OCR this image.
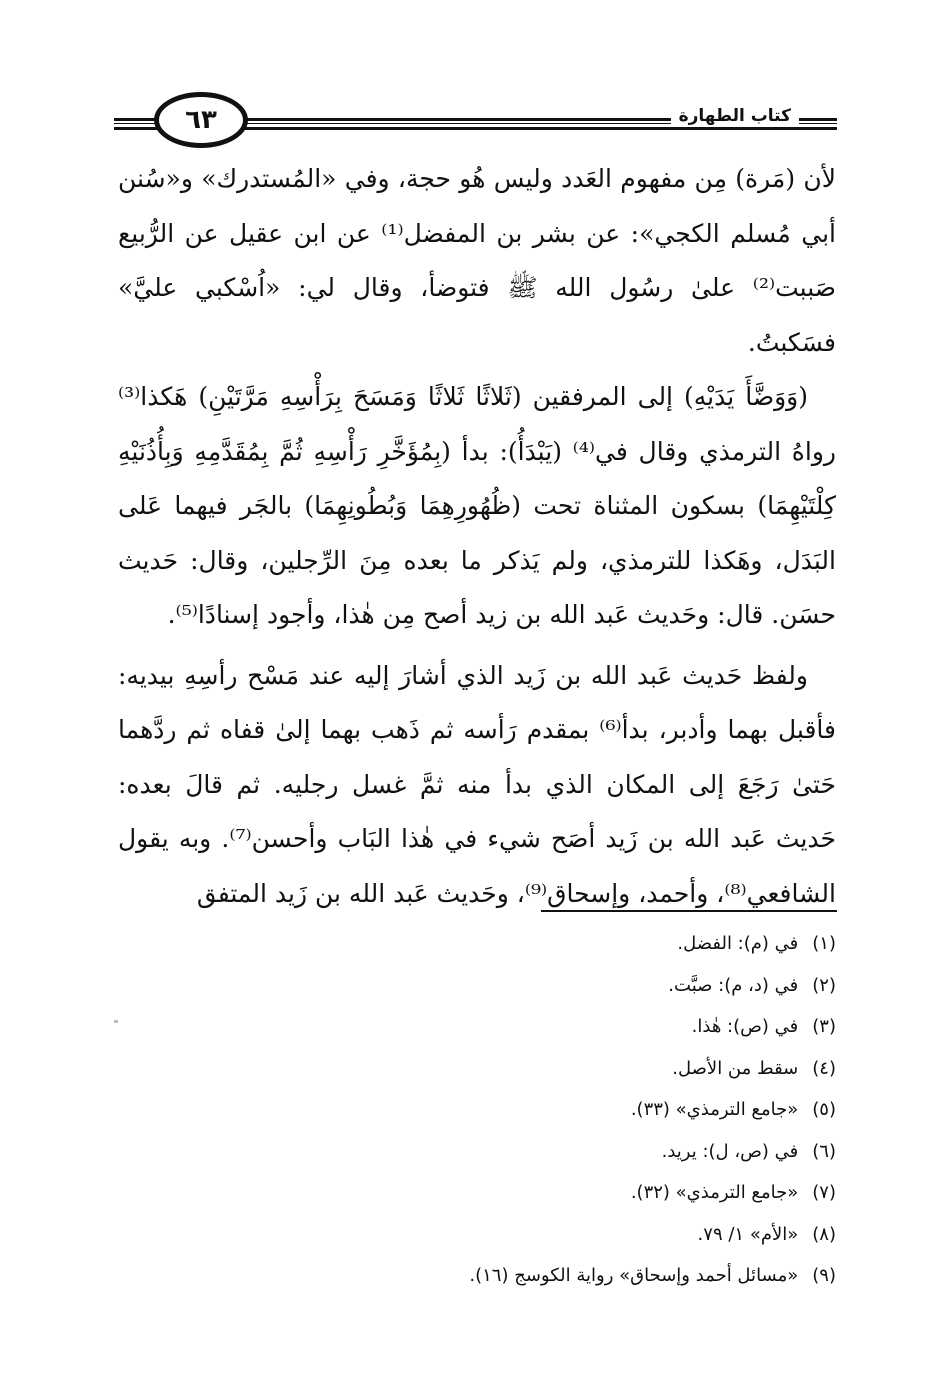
٦٣	كتاب الطهارة

لأن (مَرة) مِن مفهوم العَدد وليس هُو حجة، وفي «المُستدرك» و«سُنن أبي مُسلم الكجي»: عن بشر بن المفضل⁽¹⁾ عن ابن عقيل عن الرُّبيع صَببت⁽²⁾ علىٰ رسُول الله ﷺ فتوضأ، وقال لي: «اُسْكبي عليَّ» فسَكبتُ.

(وَوَضَّأَ يَدَيْهِ) إلى المرفقين (ثَلاثًا ثَلاثًا وَمَسَحَ بِرَأْسِهِ مَرَّتَيْنِ) هَكذا⁽³⁾ رواهُ الترمذي وقال في⁽⁴⁾ (يَبْدَأُ): بدأ (بِمُؤَخَّرِ رَأْسِهِ ثُمَّ بِمُقَدَّمِهِ وَبِأُذُنَيْهِ كِلْتَيْهِمَا) بسكون المثناة تحت (ظُهُورِهِمَا وَبُطُونِهِمَا) بالجَر فيهما عَلى البَدَل، وهَكذا للترمذي، ولم يَذكر ما بعده مِنَ الرِّجلين، وقال: حَديث حسَن. قال: وحَديث عَبد الله بن زيد أصح مِن هٰذا، وأجود إسنادًا⁽⁵⁾.

ولفظ حَديث عَبد الله بن زَيد الذي أشارَ إليه عند مَسْح رأسِهِ بيديه: فأقبل بهما وأدبر، بدأ⁽⁶⁾ بمقدم رَأسه ثم ذَهب بهما إلىٰ قفاه ثم ردَّهما حَتىٰ رَجَعَ إلى المكان الذي بدأ منه ثمَّ غسل رجليه. ثم قالَ بعده: حَديث عَبد الله بن زَيد أصَح شيء في هٰذا البَاب وأحسن⁽⁷⁾. وبه يقول الشافعي⁽⁸⁾، وأحمد، وإسحاق⁽⁹⁾، وحَديث عَبد الله بن زَيد المتفق

(١)في (م): الفضل.
(٢)في (د، م): صبَّت.
(٣)في (ص): هٰذا.
(٤)سقط من الأصل.
(٥)«جامع الترمذي» (٣٣).
(٦)في (ص، ل): يريد.
(٧)«جامع الترمذي» (٣٢).
(٨)«الأم» ١/ ٧٩.
(٩)«مسائل أحمد وإسحاق» رواية الكوسج (١٦).
